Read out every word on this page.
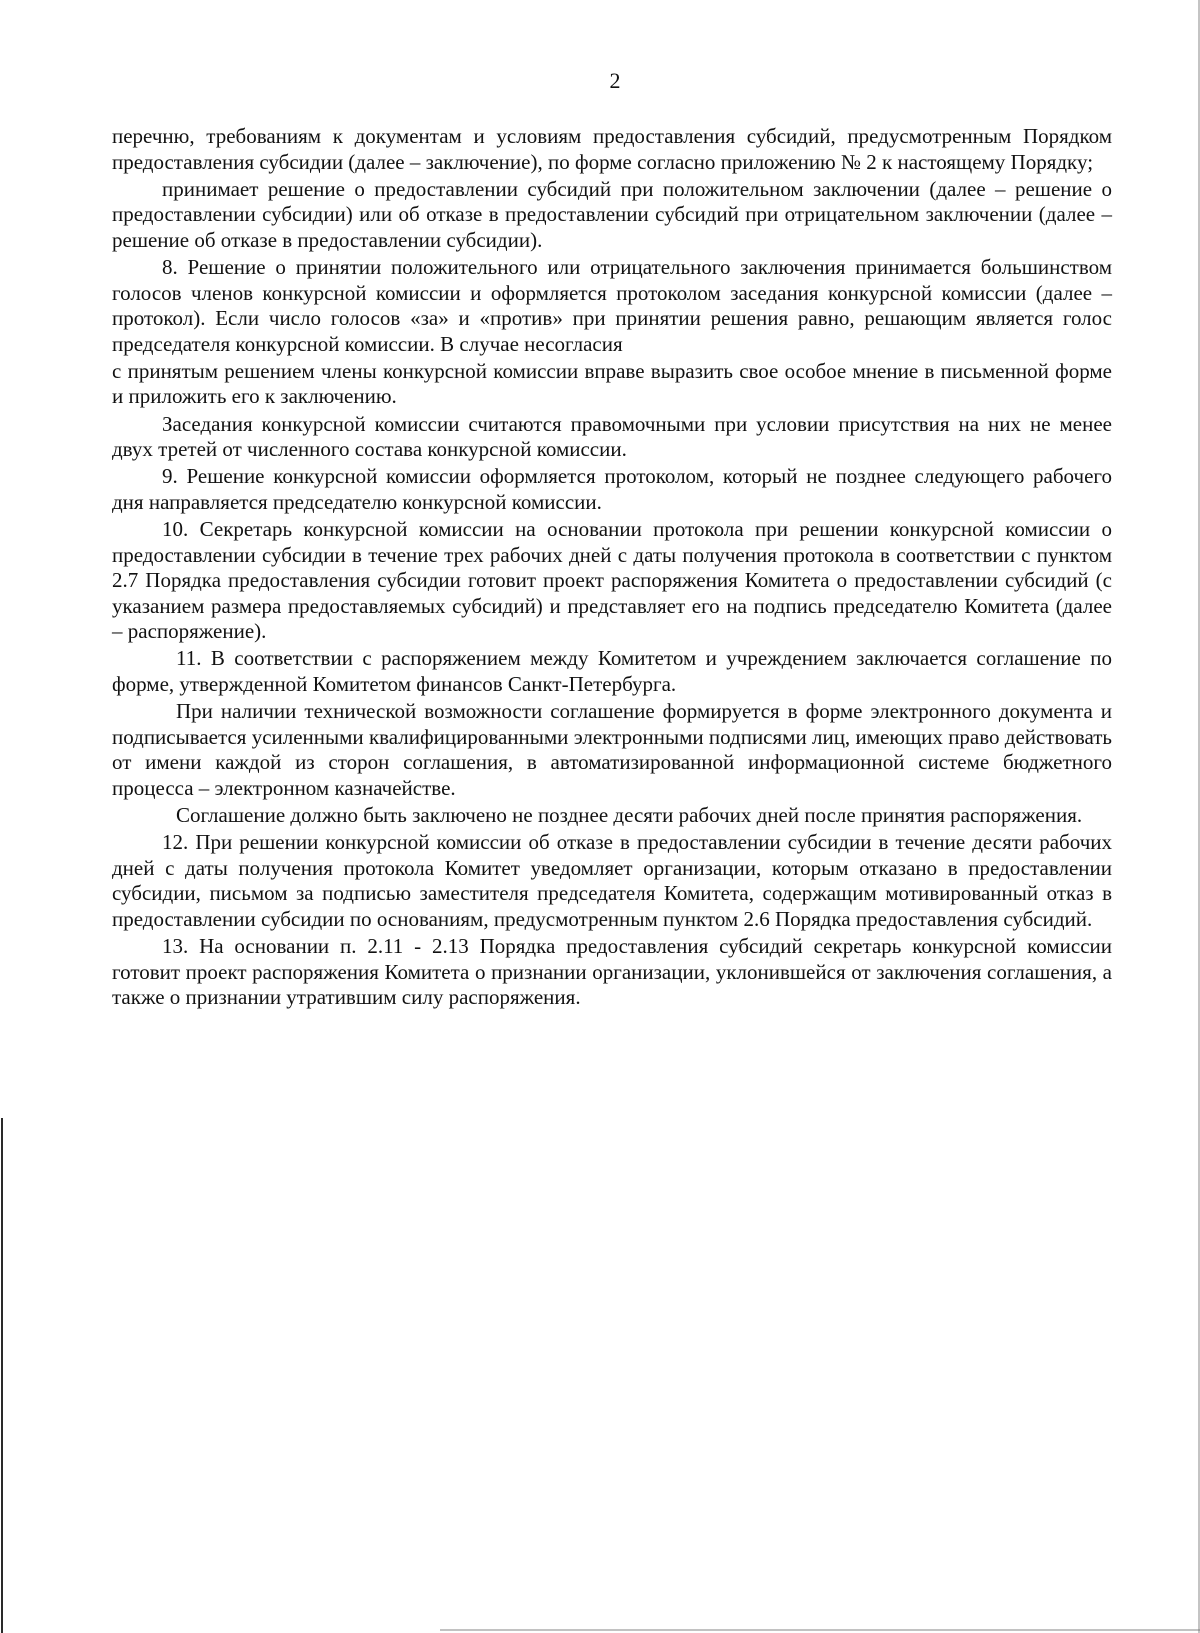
2

перечню, требованиям к документам и условиям предоставления субсидий, предусмотренным Порядком предоставления субсидии (далее – заключение), по форме согласно приложению № 2 к настоящему Порядку;

принимает решение о предоставлении субсидий при положительном заключении (далее – решение о предоставлении субсидии) или об отказе в предоставлении субсидий при отрицательном заключении (далее – решение об отказе в предоставлении субсидии).

8. Решение о принятии положительного или отрицательного заключения принимается большинством голосов членов конкурсной комиссии и оформляется протоколом заседания конкурсной комиссии (далее – протокол). Если число голосов «за» и «против» при принятии решения равно, решающим является голос председателя конкурсной комиссии. В случае несогласия

с принятым решением члены конкурсной комиссии вправе выразить свое особое мнение в письменной форме и приложить его к заключению.

Заседания конкурсной комиссии считаются правомочными при условии присутствия на них не менее двух третей от численного состава конкурсной комиссии.

9. Решение конкурсной комиссии оформляется протоколом, который не позднее следующего рабочего дня направляется председателю конкурсной комиссии.

10. Секретарь конкурсной комиссии на основании протокола при решении конкурсной комиссии о предоставлении субсидии в течение трех рабочих дней с даты получения протокола в соответствии с пунктом 2.7 Порядка предоставления субсидии готовит проект распоряжения Комитета о предоставлении субсидий (с указанием размера предоставляемых субсидий) и представляет его на подпись председателю Комитета (далее – распоряжение).

11. В соответствии с распоряжением между Комитетом и учреждением заключается соглашение по форме, утвержденной Комитетом финансов Санкт-Петербурга.

При наличии технической возможности соглашение формируется в форме электронного документа и подписывается усиленными квалифицированными электронными подписями лиц, имеющих право действовать от имени каждой из сторон соглашения, в автоматизированной информационной системе бюджетного процесса – электронном казначействе.

Соглашение должно быть заключено не позднее десяти рабочих дней после принятия распоряжения.

12. При решении конкурсной комиссии об отказе в предоставлении субсидии в течение десяти рабочих дней с даты получения протокола Комитет уведомляет организации, которым отказано в предоставлении субсидии, письмом за подписью заместителя председателя Комитета, содержащим мотивированный отказ в предоставлении субсидии по основаниям, предусмотренным пунктом 2.6 Порядка предоставления субсидий.

13. На основании п. 2.11 - 2.13 Порядка предоставления субсидий секретарь конкурсной комиссии готовит проект распоряжения Комитета о признании организации, уклонившейся от заключения соглашения, а также о признании утратившим силу распоряжения.
